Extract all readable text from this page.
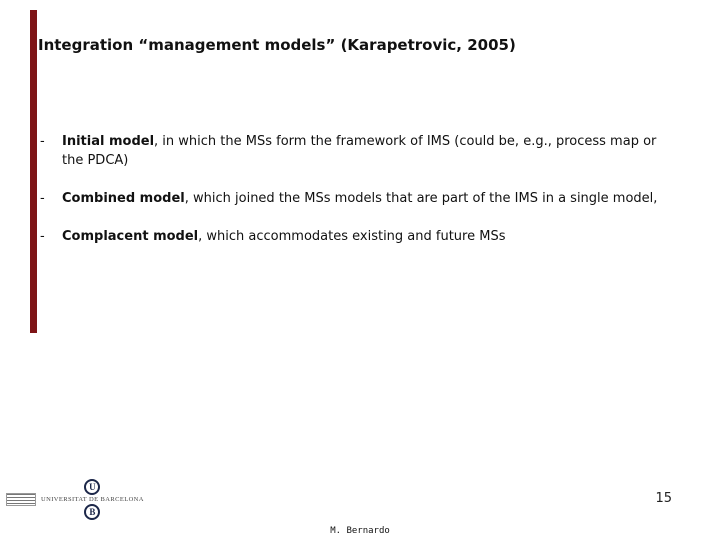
Integration “management models” (Karapetrovic, 2005)
-	Initial model, in which the MSs form the framework of IMS (could be, e.g., process map or the PDCA)
-	Combined model, which joined the MSs models that are part of the IMS in a single model,
-	Complacent model, which accommodates existing and future MSs
U
UNIVERSITAT DE BARCELONA
B
15
M. Bernardo
